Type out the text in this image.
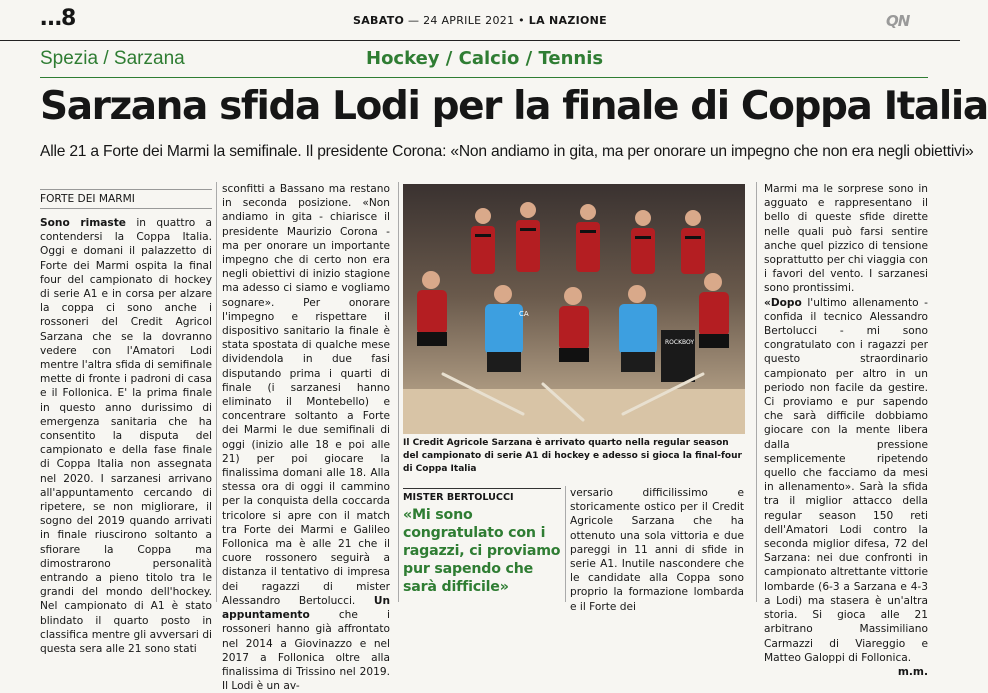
…8	SABATO — 24 APRILE 2021 • LA NAZIONE	QN
Spezia / Sarzana	Hockey / Calcio / Tennis
Sarzana sfida Lodi per la finale di Coppa Italia
Alle 21 a Forte dei Marmi la semifinale. Il presidente Corona: «Non andiamo in gita, ma per onorare un impegno che non era negli obiettivi»
FORTE DEI MARMI

Sono rimaste in quattro a contendersi la Coppa Italia. Oggi e domani il palazzetto di Forte dei Marmi ospita la final four del campionato di hockey di serie A1 e in corsa per alzare la coppa ci sono anche i rossoneri del Credit Agricol Sarzana che se la dovranno vedere con l'Amatori Lodi mentre l'altra sfida di semifinale mette di fronte i padroni di casa e il Follonica. E' la prima finale in questo anno durissimo di emergenza sanitaria che ha consentito la disputa del campionato e della fase finale di Coppa Italia non assegnata nel 2020. I sarzanesi arrivano all'appuntamento cercando di ripetere, se non migliorare, il sogno del 2019 quando arrivati in finale riuscirono soltanto a sfiorare la Coppa ma dimostrarono personalità entrando a pieno titolo tra le grandi del mondo dell'hockey. Nel campionato di A1 è stato blindato il quarto posto in classifica mentre gli avversari di questa sera alle 21 sono stati

sconfitti a Bassano ma restano in seconda posizione. «Non andiamo in gita - chiarisce il presidente Maurizio Corona - ma per onorare un importante impegno che di certo non era negli obiettivi di inizio stagione ma adesso ci siamo e vogliamo sognare». Per onorare l'impegno e rispettare il dispositivo sanitario la finale è stata spostata di qualche mese dividendola in due fasi disputando prima i quarti di finale (i sarzanesi hanno eliminato il Montebello) e concentrare soltanto a Forte dei Marmi le due semifinali di oggi (inizio alle 18 e poi alle 21) per poi giocare la finalissima domani alle 18. Alla stessa ora di oggi il cammino per la conquista della coccarda tricolore si apre con il match tra Forte dei Marmi e Galileo Follonica ma è alle 21 che il cuore rossonero seguirà a distanza il tentativo di impresa dei ragazzi di mister Alessandro Bertolucci. Un appuntamento che i rossoneri hanno già affrontato nel 2014 a Giovinazzo e nel 2017 a Follonica oltre alla finalissima di Trissino nel 2019. Il Lodi è un av-

ROCKBOY
CA
Il Credit Agricole Sarzana è arrivato quarto nella regular season del campionato di serie A1 di hockey e adesso si gioca la final-four di Coppa Italia
MISTER BERTOLUCCI
«Mi sono congratulato con i ragazzi, ci proviamo pur sapendo che sarà difficile»

versario difficilissimo e storicamente ostico per il Credit Agricole Sarzana che ha ottenuto una sola vittoria e due pareggi in 11 anni di sfide in serie A1. Inutile nascondere che le candidate alla Coppa sono proprio la formazione lombarda e il Forte dei

Marmi ma le sorprese sono in agguato e rappresentano il bello di queste sfide dirette nelle quali può farsi sentire anche quel pizzico di tensione soprattutto per chi viaggia con i favori del vento. I sarzanesi sono prontissimi.

«Dopo l'ultimo allenamento - confida il tecnico Alessandro Bertolucci - mi sono congratulato con i ragazzi per questo straordinario campionato per altro in un periodo non facile da gestire. Ci proviamo e pur sapendo che sarà difficile dobbiamo giocare con la mente libera dalla pressione semplicemente ripetendo quello che facciamo da mesi in allenamento». Sarà la sfida tra il miglior attacco della regular season 150 reti dell'Amatori Lodi contro la seconda miglior difesa, 72 del Sarzana: nei due confronti in campionato altrettante vittorie lombarde (6-3 a Sarzana e 4-3 a Lodi) ma stasera è un'altra storia. Si gioca alle 21 arbitrano Massimiliano Carmazzi di Viareggio e Matteo Galoppi di Follonica.

m.m.
